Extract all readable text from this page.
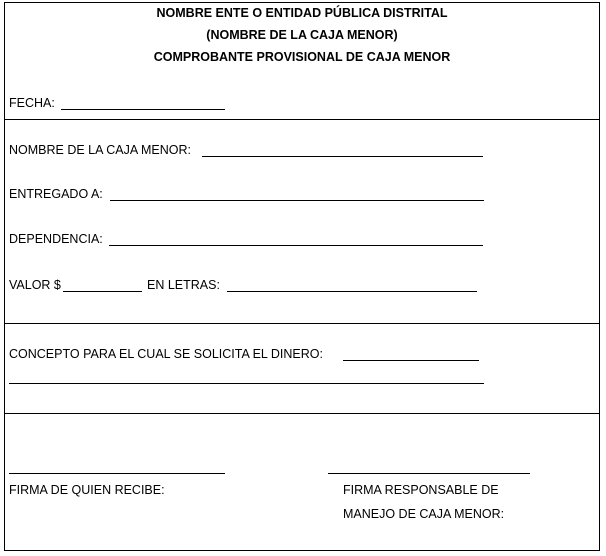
NOMBRE ENTE O ENTIDAD PÚBLICA DISTRITAL
(NOMBRE DE LA CAJA MENOR)
COMPROBANTE PROVISIONAL DE CAJA MENOR
FECHA:
NOMBRE DE LA CAJA MENOR:
ENTREGADO A:
DEPENDENCIA:
VALOR $	EN LETRAS:
CONCEPTO PARA EL CUAL SE SOLICITA EL DINERO:
FIRMA DE QUIEN RECIBE:	FIRMA RESPONSABLE DE
MANEJO DE CAJA MENOR:
